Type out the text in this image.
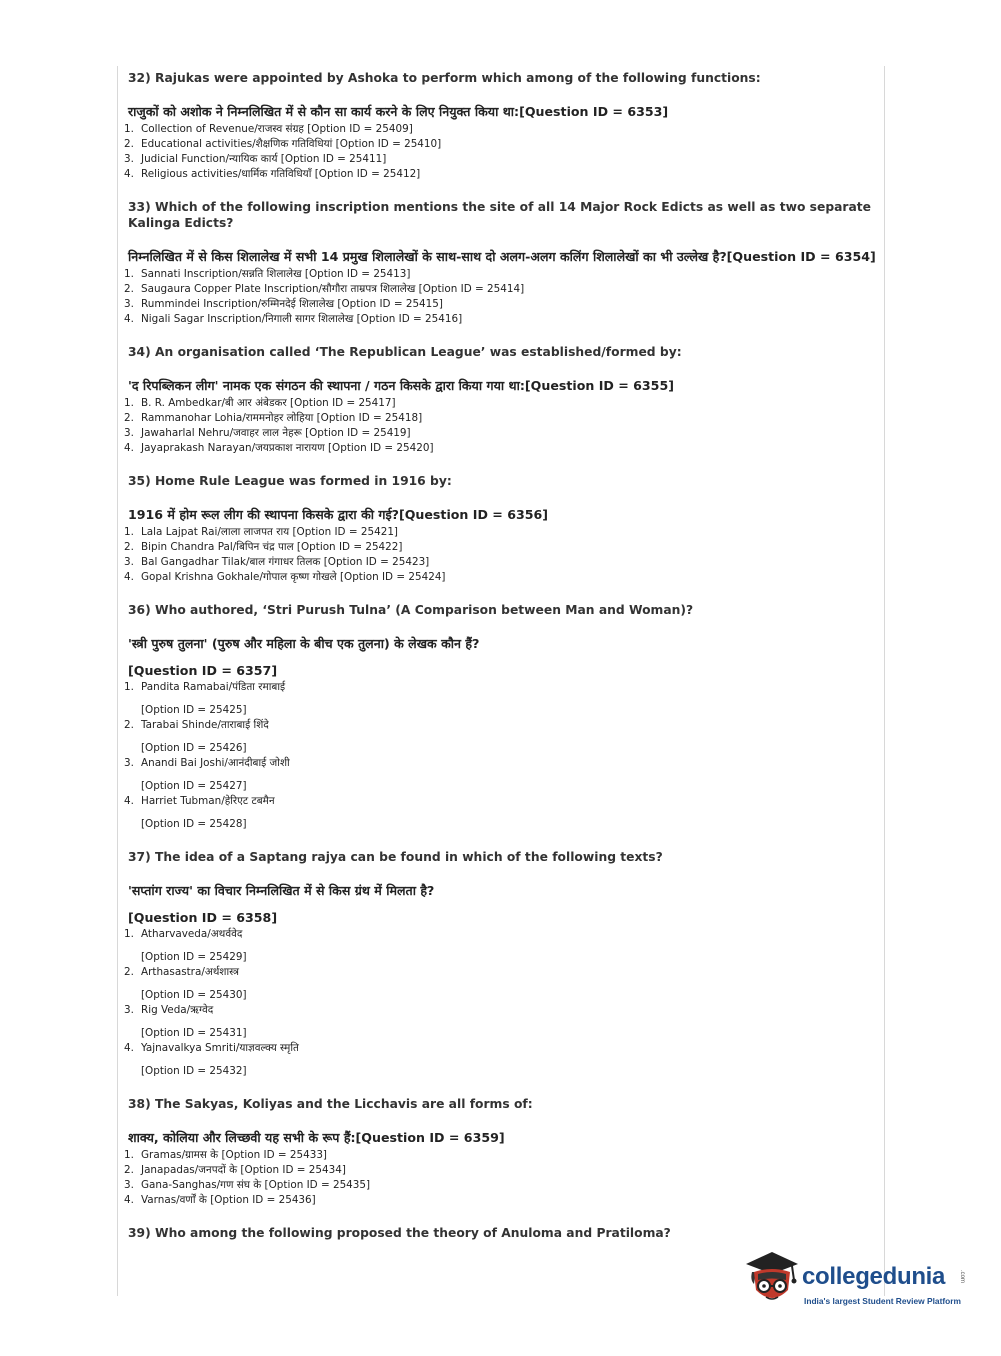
32) Rajukas were appointed by Ashoka to perform which among of the following functions:
राजुकों को अशोक ने निम्नलिखित में से कौन सा कार्य करने के लिए नियुक्त किया था:[Question ID = 6353]
1. Collection of Revenue/राजस्व संग्रह [Option ID = 25409]
2. Educational activities/शैक्षणिक गतिविधियां [Option ID = 25410]
3. Judicial Function/न्यायिक कार्य [Option ID = 25411]
4. Religious activities/धार्मिक गतिविधियाँ [Option ID = 25412]
33) Which of the following inscription mentions the site of all 14 Major Rock Edicts as well as two separate Kalinga Edicts?
निम्नलिखित में से किस शिलालेख में सभी 14 प्रमुख शिलालेखों के साथ-साथ दो अलग-अलग कलिंग शिलालेखों का भी उल्लेख है?[Question ID = 6354]
1. Sannati Inscription/सन्नति शिलालेख [Option ID = 25413]
2. Saugaura Copper Plate Inscription/सौगौरा ताम्रपत्र शिलालेख [Option ID = 25414]
3. Rummindei Inscription/रुम्मिनदेई शिलालेख [Option ID = 25415]
4. Nigali Sagar Inscription/निगाली सागर शिलालेख [Option ID = 25416]
34) An organisation called ‘The Republican League’ was established/formed by:
'द रिपब्लिकन लीग' नामक एक संगठन की स्थापना / गठन किसके द्वारा किया गया था:[Question ID = 6355]
1. B. R. Ambedkar/बी आर अंबेडकर [Option ID = 25417]
2. Rammanohar Lohia/राममनोहर लोहिया [Option ID = 25418]
3. Jawaharlal Nehru/जवाहर लाल नेहरू [Option ID = 25419]
4. Jayaprakash Narayan/जयप्रकाश नारायण [Option ID = 25420]
35) Home Rule League was formed in 1916 by:
1916 में होम रूल लीग की स्थापना किसके द्वारा की गई?[Question ID = 6356]
1. Lala Lajpat Rai/लाला लाजपत राय [Option ID = 25421]
2. Bipin Chandra Pal/बिपिन चंद्र पाल [Option ID = 25422]
3. Bal Gangadhar Tilak/बाल गंगाधर तिलक [Option ID = 25423]
4. Gopal Krishna Gokhale/गोपाल कृष्ण गोखले [Option ID = 25424]
36) Who authored, ‘Stri Purush Tulna’ (A Comparison between Man and Woman)?
'स्त्री पुरुष तुलना' (पुरुष और महिला के बीच एक तुलना) के लेखक कौन हैं?
[Question ID = 6357]
1. Pandita Ramabai/पंडिता रमाबाई
[Option ID = 25425]
2. Tarabai Shinde/ताराबाई शिंदे
[Option ID = 25426]
3. Anandi Bai Joshi/आनंदीबाई जोशी
[Option ID = 25427]
4. Harriet Tubman/हेरिएट टबमैन
[Option ID = 25428]
37) The idea of a Saptang rajya can be found in which of the following texts?
'सप्तांग राज्य' का विचार निम्नलिखित में से किस ग्रंथ में मिलता है?
[Question ID = 6358]
1. Atharvaveda/अथर्ववेद
[Option ID = 25429]
2. Arthasastra/अर्थशास्त्र
[Option ID = 25430]
3. Rig Veda/ऋग्वेद
[Option ID = 25431]
4. Yajnavalkya Smriti/याज्ञवल्क्य स्मृति
[Option ID = 25432]
38) The Sakyas, Koliyas and the Licchavis are all forms of:
शाक्य, कोलिया और लिच्छवी यह सभी के रूप हैं:[Question ID = 6359]
1. Gramas/ग्रामस के [Option ID = 25433]
2. Janapadas/जनपदों के [Option ID = 25434]
3. Gana-Sanghas/गण संघ के [Option ID = 25435]
4. Varnas/वर्णों के [Option ID = 25436]
39) Who among the following proposed the theory of Anuloma and Pratiloma?
collegedunia .com
India's largest Student Review Platform
